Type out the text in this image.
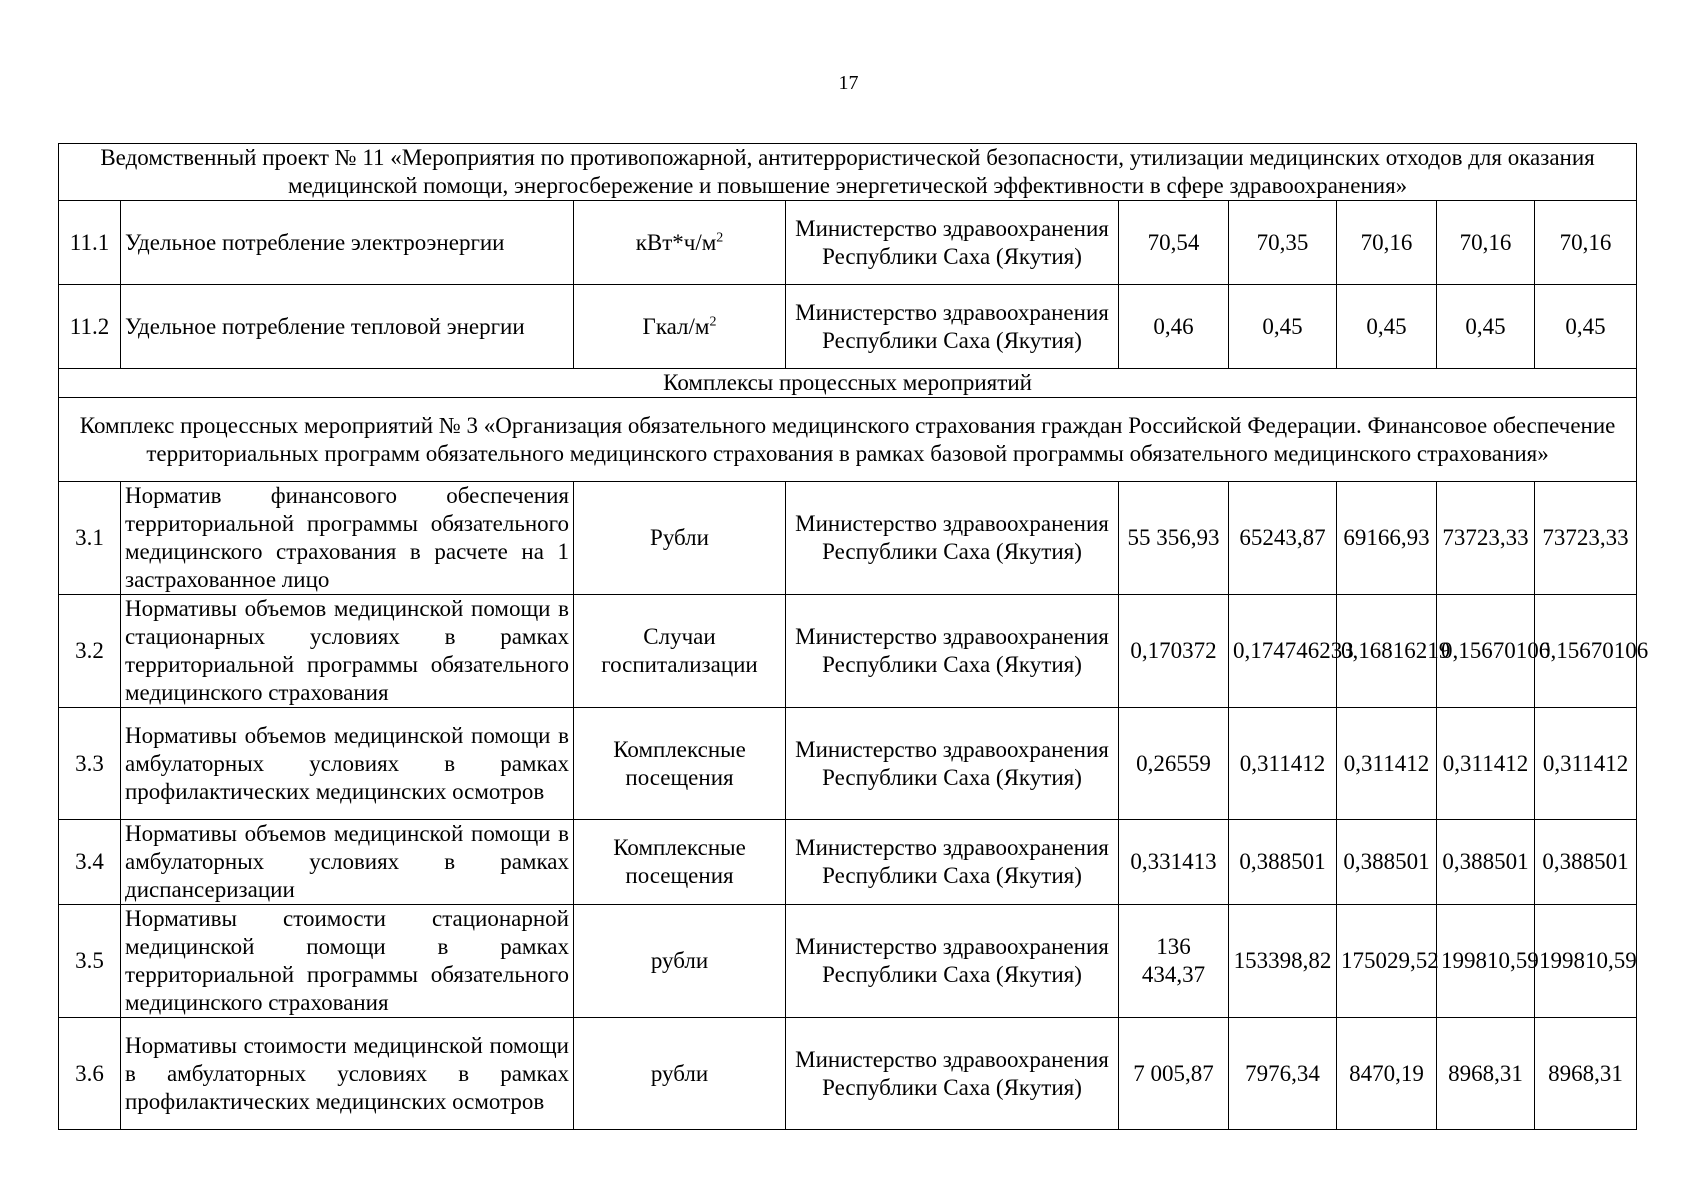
17
Ведомственный проект № 11 «Мероприятия по противопожарной, антитеррористической безопасности, утилизации медицинских отходов для оказания медицинской помощи, энергосбережение и повышение энергетической эффективности в сфере здравоохранения»								
11.1	Удельное потребление электроэнергии	$кВт*ч/м^2$	Министерство здравоохранения Республики Саха (Якутия)	70,54	70,35	70,16	70,16	70,16
11.2	Удельное потребление тепловой энергии	Гкал/$м^2$	Министерство здравоохранения Республики Саха (Якутия)	0,46	0,45	0,45	0,45	0,45
Комплексы процессных мероприятий								
Комплекс процессных мероприятий № 3 «Организация обязательного медицинского страхования граждан Российской Федерации. Финансовое обеспечение территориальных программ обязательного медицинского страхования в рамках базовой программы обязательного медицинского страхования»								
3.1	Норматив финансового обеспечения территориальной программы обязательного медицинского страхования в расчете на 1 застрахованное лицо	Рубли	Министерство здравоохранения Республики Саха (Якутия)	55 356,93	65243,87	69166,93	73723,33	73723,33
3.2	Нормативы объемов медицинской помощи в стационарных условиях в рамках территориальной программы обязательного медицинского страхования	Случаи госпитализации	Министерство здравоохранения Республики Саха (Якутия)	0,170372	0,174746233	0,16816219	0,15670106	0,15670106
3.3	Нормативы объемов медицинской помощи в амбулаторных условиях в рамках профилактических медицинских осмотров	Комплексные посещения	Министерство здравоохранения Республики Саха (Якутия)	0,26559	0,311412	0,311412	0,311412	0,311412
3.4	Нормативы объемов медицинской помощи в амбулаторных условиях в рамках диспансеризации	Комплексные посещения	Министерство здравоохранения Республики Саха (Якутия)	0,331413	0,388501	0,388501	0,388501	0,388501
3.5	Нормативы стоимости стационарной медицинской помощи в рамках территориальной программы обязательного медицинского страхования	рубли	Министерство здравоохранения Республики Саха (Якутия)	136 434,37	153398,82	175029,52	199810,59	199810,59
3.6	Нормативы стоимости медицинской помощи в амбулаторных условиях в рамках профилактических медицинских осмотров	рубли	Министерство здравоохранения Республики Саха (Якутия)	7 005,87	7976,34	8470,19	8968,31	8968,31
